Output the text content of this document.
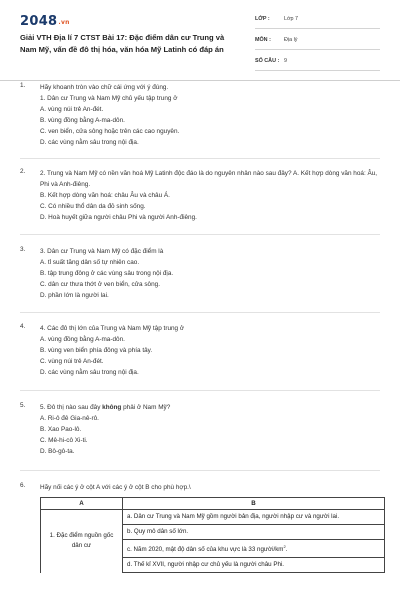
2048.vn
Giải VTH Địa lí 7 CTST Bài 17: Đặc điểm dân cư Trung và Nam Mỹ, vấn đề đô thị hóa, văn hóa Mỹ Latinh có đáp án
LỚP :	Lớp 7
MÔN : Địa lý
SỐ CÂU : 9
1. Hãy khoanh tròn vào chữ cái ứng với ý đúng.
1. Dân cư Trung và Nam Mỹ chủ yếu tập trung ở
A. vùng núi trẻ An-đét.
B. vùng đồng bằng A-ma-dôn.
C. ven biển, cửa sông hoặc trên các cao nguyên.
D. các vùng nằm sâu trong nội địa.
2. 2. Trung và Nam Mỹ có nền văn hoá Mỹ Latinh độc đáo là do nguyên nhân nào sau đây? A. Kết hợp dòng văn hoá: Âu, Phi và Anh-điêng.
B. Kết hợp dòng văn hoá: châu Âu và châu Á.
C. Có nhiều thổ dân da đỏ sinh sống.
D. Hoà huyết giữa người châu Phi và người Anh-điêng.
3. 3. Dân cư Trung và Nam Mỹ có đặc điểm là
A. tỉ suất tăng dân số tự nhiên cao.
B. tập trung đông ở các vùng sâu trong nội địa.
C. dân cư thưa thớt ở ven biển, cửa sông.
D. phần lớn là người lai.
4. 4. Các đô thị lớn của Trung và Nam Mỹ tập trung ở
A. vùng đồng bằng A-ma-dôn.
B. vùng ven biển phía đông và phía tây.
C. vùng núi trẻ An-đét.
D. các vùng nằm sâu trong nội địa.
5. 5. Đô thị nào sau đây không phải ở Nam Mỹ?
A. Ri-ô đê Gia-nê-rô.
B. Xao Pao-lô.
C. Mê-hi-cô Xi-ti.
D. Bô-gô-ta.
6. Hãy nối các ý ở cột A với các ý ở cột B cho phù hợp.\
A	B
1. Đặc điểm nguồn gốc dân cư	a. Dân cư Trung và Nam Mỹ gồm người bản địa, người nhập cư và người lai.
	b. Quy mô dân số lớn.
	c. Năm 2020, mật độ dân số của khu vực là 33 người/$km^2$.
	d. Thế kỉ XVII, người nhập cư chủ yếu là người châu Phi.
